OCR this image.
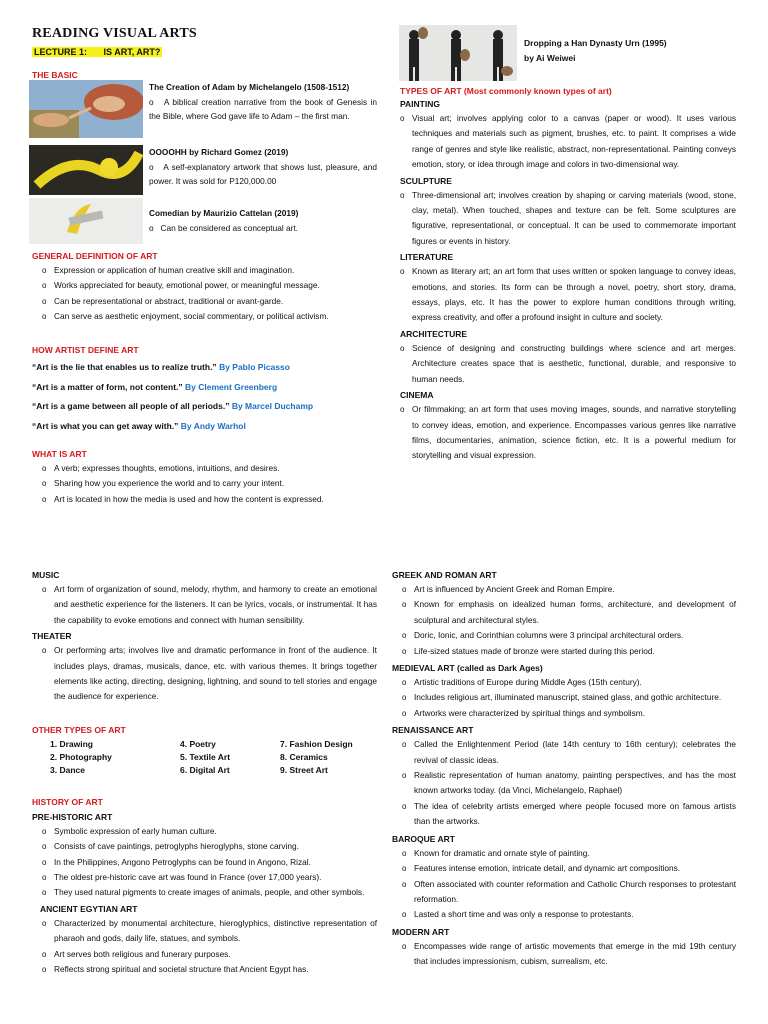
READING VISUAL ARTS
LECTURE 1: IS ART, ART?
THE BASIC
The Creation of Adam by Michelangelo (1508-1512)
o   A biblical creation narrative from the book of Genesis in the Bible, where God gave life to Adam – the first man.
OOOOHH by Richard Gomez (2019)
o   A self-explanatory artwork that shows lust, pleasure, and power. It was sold for P120,000.00
Comedian by Maurizio Cattelan (2019)
o   Can be considered as conceptual art.
GENERAL DEFINITION OF ART
o Expression or application of human creative skill and imagination.
o Works appreciated for beauty, emotional power, or meaningful message.
o Can be representational or abstract, traditional or avant-garde.
o Can serve as aesthetic enjoyment, social commentary, or political activism.
HOW ARTIST DEFINE ART
“Art is the lie that enables us to realize truth.” By Pablo Picasso
“Art is a matter of form, not content.” By Clement Greenberg
“Art is a game between all people of all periods.” By Marcel Duchamp
“Art is what you can get away with.” By Andy Warhol
WHAT IS ART
o A verb; expresses thoughts, emotions, intuitions, and desires.
o Sharing how you experience the world and to carry your intent.
o Art is located in how the media is used and how the content is expressed.
Dropping a Han Dynasty Urn (1995)
by Ai Weiwei
TYPES OF ART (Most commonly known types of art)
PAINTING
o Visual art; involves applying color to a canvas (paper or wood). It uses various techniques and materials such as pigment, brushes, etc. to paint. It comprises a wide range of genres and style like realistic, abstract, non-representational. Painting conveys emotion, story, or idea through image and colors in two-dimensional way.
SCULPTURE
o Three-dimensional art; involves creation by shaping or carving materials (wood, stone, clay, metal). When touched, shapes and texture can be felt. Some sculptures are figurative, representational, or conceptual. It can be used to commemorate important figures or events in history.
LITERATURE
o Known as literary art; an art form that uses written or spoken language to convey ideas, emotions, and stories. Its form can be through a novel, poetry, short story, drama, essays, plays, etc. It has the power to explore human conditions through writing, express creativity, and offer a profound insight in culture and society.
ARCHITECTURE
o Science of designing and constructing buildings where science and art merges. Architecture creates space that is aesthetic, functional, durable, and responsive to human needs.
CINEMA
o Or filmmaking; an art form that uses moving images, sounds, and narrative storytelling to convey ideas, emotion, and experience. Encompasses various genres like narrative films, documentaries, animation, science fiction, etc. It is a powerful medium for storytelling and visual expression.
MUSIC
o Art form of organization of sound, melody, rhythm, and harmony to create an emotional and aesthetic experience for the listeners. It can be lyrics, vocals, or instrumental. It has the capability to evoke emotions and connect with human sensibility.
THEATER
o Or performing arts; involves live and dramatic performance in front of the audience. It includes plays, dramas, musicals, dance, etc. with various themes. It brings together elements like acting, directing, designing, lightning, and sound to tell stories and engage the audience for experience.
OTHER TYPES OF ART
1. Drawing	4. Poetry	7. Fashion Design
2. Photography	5. Textile Art	8. Ceramics
3. Dance	6. Digital Art	9. Street Art
HISTORY OF ART
PRE-HISTORIC ART
o Symbolic expression of early human culture.
o Consists of cave paintings, petroglyphs hieroglyphs, stone carving.
o In the Philippines, Angono Petroglyphs can be found in Angono, Rizal.
o The oldest pre-historic cave art was found in France (over 17,000 years).
o They used natural pigments to create images of animals, people, and other symbols.
ANCIENT EGYTIAN ART
o Characterized by monumental architecture, hieroglyphics, distinctive representation of pharaoh and gods, daily life, statues, and symbols.
o Art serves both religious and funerary purposes.
o Reflects strong spiritual and societal structure that Ancient Egypt has.
GREEK AND ROMAN ART
o Art is influenced by Ancient Greek and Roman Empire.
o Known for emphasis on idealized human forms, architecture, and development of sculptural and architectural styles.
o Doric, Ionic, and Corinthian columns were 3 principal architectural orders.
o Life-sized statues made of bronze were started during this period.
MEDIEVAL ART (called as Dark Ages)
o Artistic traditions of Europe during Middle Ages (15th century).
o Includes religious art, illuminated manuscript, stained glass, and gothic architecture.
o Artworks were characterized by spiritual things and symbolism.
RENAISSANCE ART
o Called the Enlightenment Period (late 14th century to 16th century); celebrates the revival of classic ideas.
o Realistic representation of human anatomy, painting perspectives, and has the most known artworks today. (da Vinci, Michelangelo, Raphael)
o The idea of celebrity artists emerged where people focused more on famous artists than the artworks.
BAROQUE ART
o Known for dramatic and ornate style of painting.
o Features intense emotion, intricate detail, and dynamic art compositions.
o Often associated with counter reformation and Catholic Church responses to protestant reformation.
o Lasted a short time and was only a response to protestants.
MODERN ART
o Encompasses wide range of artistic movements that emerge in the mid 19th century that includes impressionism, cubism, surrealism, etc.
